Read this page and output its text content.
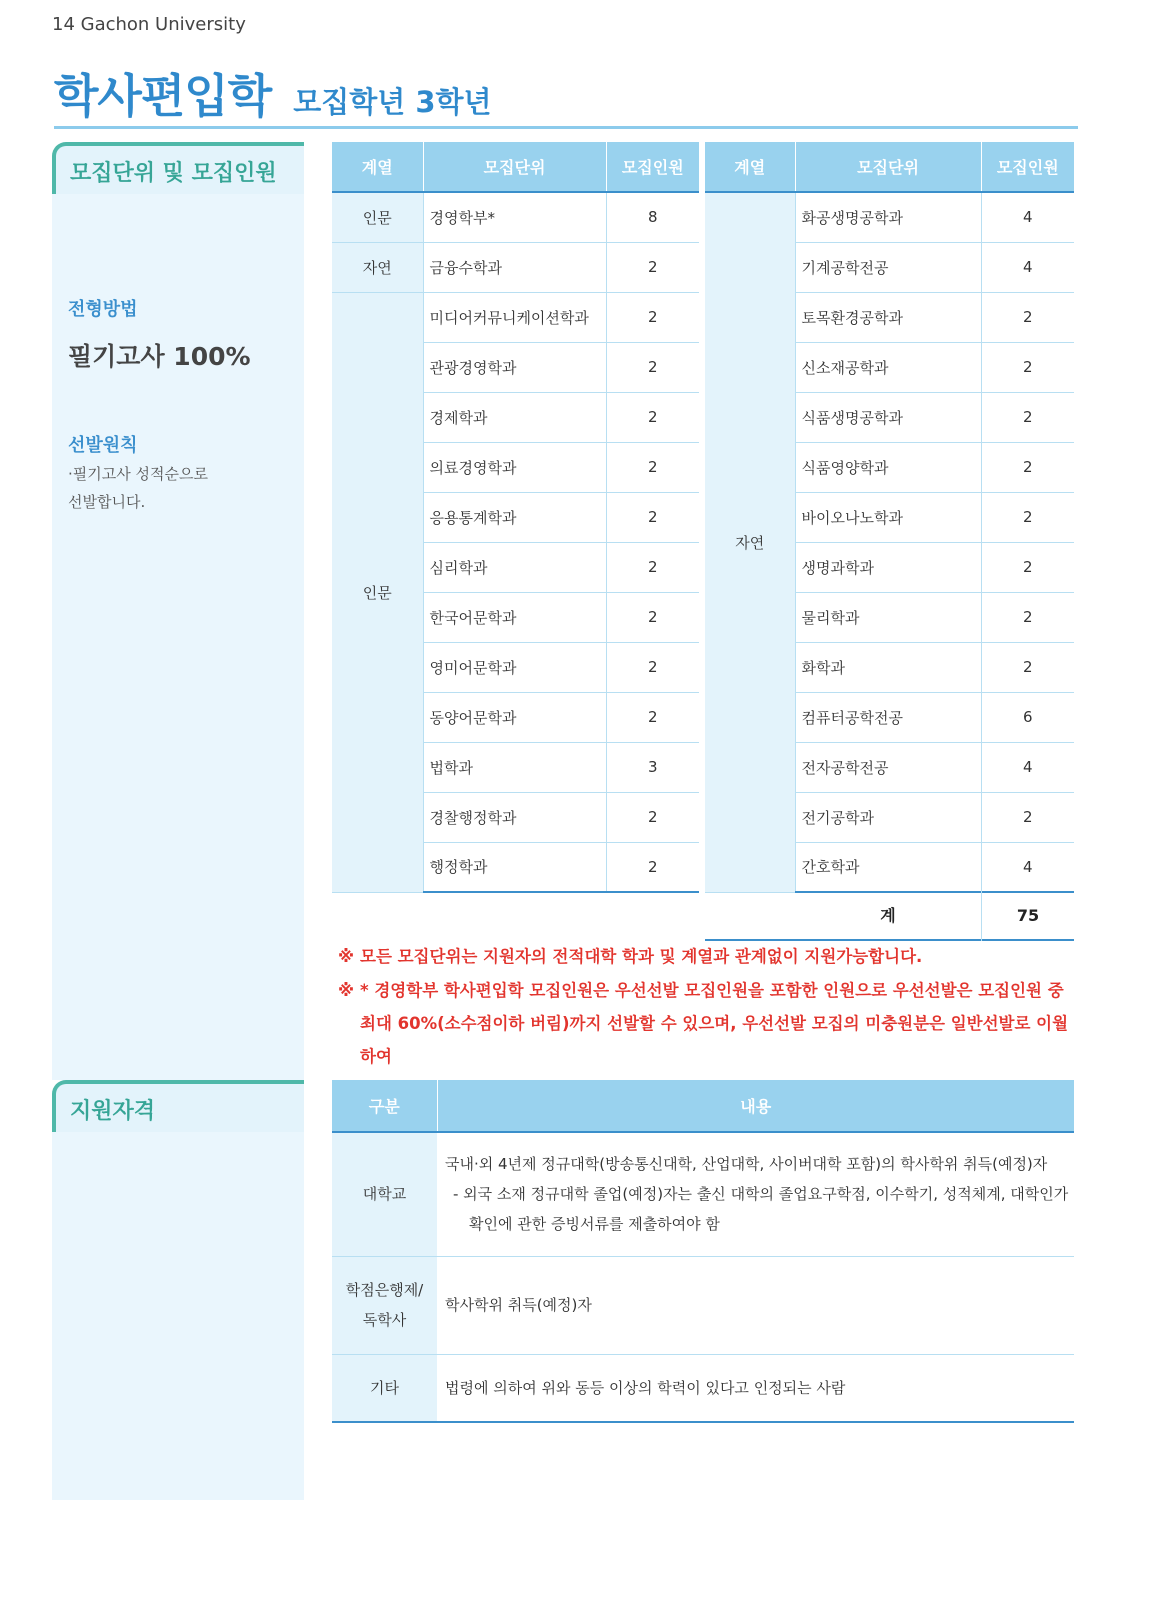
14 Gachon University
학사편입학 모집학년 3학년
모집단위 및 모집인원
전형방법
필기고사 100%
선발원칙
·필기고사 성적순으로
선발합니다.
지원자격
계열	모집단위	모집인원
인문	경영학부*	8
자연	금융수학과	2
인문	미디어커뮤니케이션학과	2
	관광경영학과	2
	경제학과	2
	의료경영학과	2
	응용통계학과	2
	심리학과	2
	한국어문학과	2
	영미어문학과	2
	동양어문학과	2
	법학과	3
	경찰행정학과	2
	행정학과	2
계열	모집단위	모집인원
자연	화공생명공학과	4
	기계공학전공	4
	토목환경공학과	2
	신소재공학과	2
	식품생명공학과	2
	식품영양학과	2
	바이오나노학과	2
	생명과학과	2
	물리학과	2
	화학과	2
	컴퓨터공학전공	6
	전자공학전공	4
	전기공학과	2
	간호학과	4
계	75
※ 모든 모집단위는 지원자의 전적대학 학과 및 계열과 관계없이 지원가능합니다.
※ * 경영학부 학사편입학 모집인원은 우선선발 모집인원을 포함한 인원으로 우선선발은 모집인원 중
최대 60%(소수점이하 버림)까지 선발할 수 있으며, 우선선발 모집의 미충원분은 일반선발로 이월하여
구분	내용
대학교	국내·외 4년제 정규대학(방송통신대학, 산업대학, 사이버대학 포함)의 학사학위 취득(예정)자
- 외국 소재 정규대학 졸업(예정)자는 출신 대학의 졸업요구학점, 이수학기, 성적체계, 대학인가
확인에 관한 증빙서류를 제출하여야 함

학점은행제/
독학사	학사학위 취득(예정)자
기타	법령에 의하여 위와 동등 이상의 학력이 있다고 인정되는 사람
